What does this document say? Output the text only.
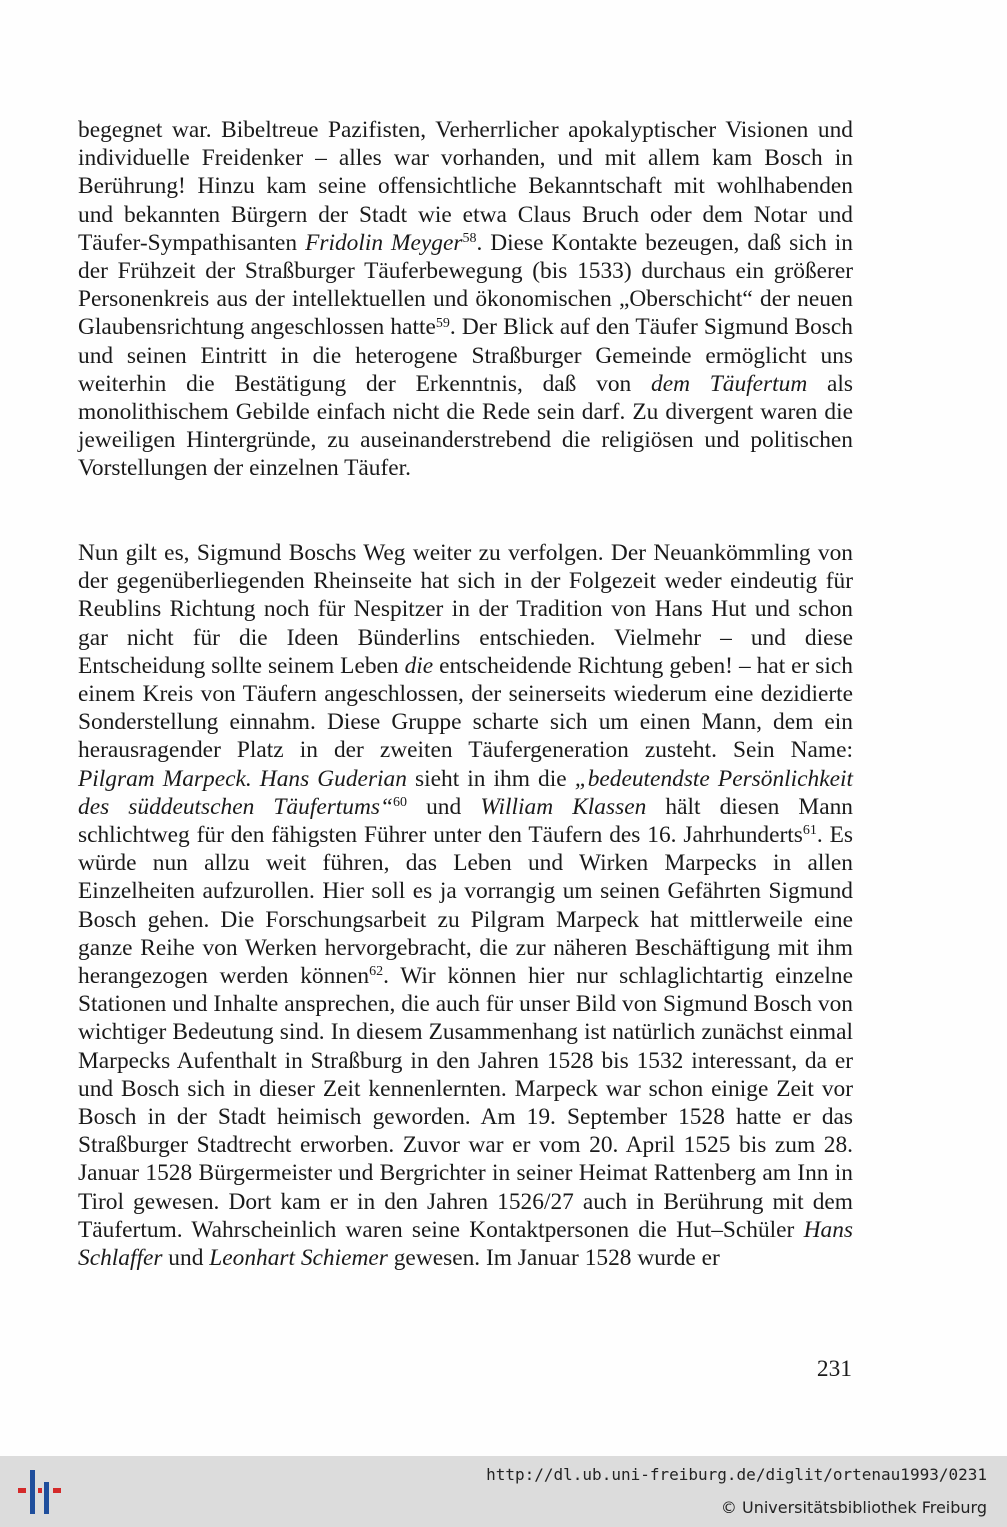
begegnet war. Bibeltreue Pazifisten, Verherrlicher apokalyptischer Visionen und individuelle Freidenker – alles war vorhanden, und mit allem kam Bosch in Berührung! Hinzu kam seine offensichtliche Bekanntschaft mit wohlhabenden und bekannten Bürgern der Stadt wie etwa Claus Bruch oder dem Notar und Täufer-Sympathisanten Fridolin Meyger$^{58}$. Diese Kontakte bezeugen, daß sich in der Frühzeit der Straßburger Täuferbewegung (bis 1533) durchaus ein größerer Personenkreis aus der intellektuellen und ökonomischen „Oberschicht“ der neuen Glaubensrichtung angeschlossen hatte$^{59}$. Der Blick auf den Täufer Sigmund Bosch und seinen Eintritt in die heterogene Straßburger Gemeinde ermöglicht uns weiterhin die Bestätigung der Erkenntnis, daß von dem Täufertum als monolithischem Gebilde einfach nicht die Rede sein darf. Zu divergent waren die jeweiligen Hintergründe, zu auseinanderstrebend die religiösen und politischen Vorstellungen der einzelnen Täufer.
Nun gilt es, Sigmund Boschs Weg weiter zu verfolgen. Der Neuankömmling von der gegenüberliegenden Rheinseite hat sich in der Folgezeit weder eindeutig für Reublins Richtung noch für Nespitzer in der Tradition von Hans Hut und schon gar nicht für die Ideen Bünderlins entschieden. Vielmehr – und diese Entscheidung sollte seinem Leben die entscheidende Richtung geben! – hat er sich einem Kreis von Täufern angeschlossen, der seinerseits wiederum eine dezidierte Sonderstellung einnahm. Diese Gruppe scharte sich um einen Mann, dem ein herausragender Platz in der zweiten Täufergeneration zusteht. Sein Name: Pilgram Marpeck. Hans Guderian sieht in ihm die „bedeutendste Persönlichkeit des süddeutschen Täufertums“$^{60}$ und William Klassen hält diesen Mann schlichtweg für den fähigsten Führer unter den Täufern des 16. Jahrhunderts$^{61}$. Es würde nun allzu weit führen, das Leben und Wirken Marpecks in allen Einzelheiten aufzurollen. Hier soll es ja vorrangig um seinen Gefährten Sigmund Bosch gehen. Die Forschungsarbeit zu Pilgram Marpeck hat mittlerweile eine ganze Reihe von Werken hervorgebracht, die zur näheren Beschäftigung mit ihm herangezogen werden können$^{62}$. Wir können hier nur schlaglichtartig einzelne Stationen und Inhalte ansprechen, die auch für unser Bild von Sigmund Bosch von wichtiger Bedeutung sind. In diesem Zusammenhang ist natürlich zunächst einmal Marpecks Aufenthalt in Straßburg in den Jahren 1528 bis 1532 interessant, da er und Bosch sich in dieser Zeit kennenlernten. Marpeck war schon einige Zeit vor Bosch in der Stadt heimisch geworden. Am 19. September 1528 hatte er das Straßburger Stadtrecht erworben. Zuvor war er vom 20. April 1525 bis zum 28. Januar 1528 Bürgermeister und Bergrichter in seiner Heimat Rattenberg am Inn in Tirol gewesen. Dort kam er in den Jahren 1526/27 auch in Berührung mit dem Täufertum. Wahrscheinlich waren seine Kontaktpersonen die Hut–Schüler Hans Schlaffer und Leonhart Schiemer gewesen. Im Januar 1528 wurde er
231
http://dl.ub.uni-freiburg.de/diglit/ortenau1993/0231
© Universitätsbibliothek Freiburg
